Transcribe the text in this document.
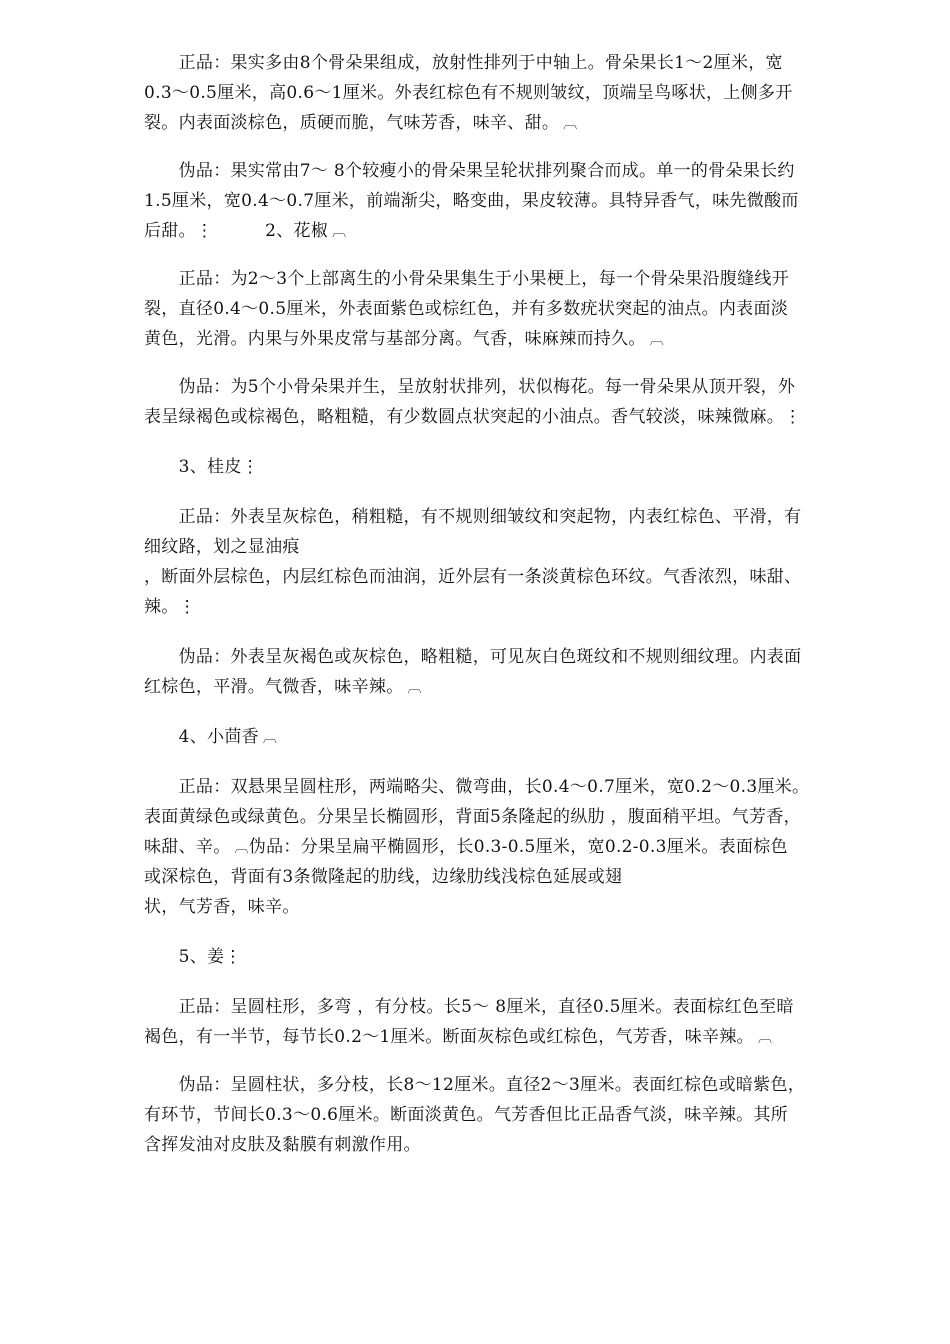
　　正品：果实多由8个骨朵果组成，放射性排列于中轴上。骨朵果长1～2厘米，宽
0.3～0.5厘米，高0.6～1厘米。外表红棕色有不规则皱纹，顶端呈鸟啄状，上侧多开
裂。内表面淡棕色，质硬而脆，气味芳香，味辛、甜。 ︹
　　伪品：果实常由7～ 8个较瘦小的骨朵果呈轮状排列聚合而成。单一的骨朵果长约
1.5厘米，宽0.4～0.7厘米，前端渐尖，略变曲，果皮较薄。具特异香气，味先微酸而
后甜。⋮　　　2、花椒 ︹
　　正品：为2～3个上部离生的小骨朵果集生于小果梗上，每一个骨朵果沿腹缝线开
裂，直径0.4～0.5厘米，外表面紫色或棕红色，并有多数疣状突起的油点。内表面淡
黄色，光滑。内果与外果皮常与基部分离。气香，味麻辣而持久。 ︹
　　伪品：为5个小骨朵果并生，呈放射状排列，状似梅花。每一骨朵果从顶开裂，外
表呈绿褐色或棕褐色，略粗糙，有少数圆点状突起的小油点。香气较淡，味辣微麻。⋮
　　3、桂皮⋮
　　正品：外表呈灰棕色，稍粗糙，有不规则细皱纹和突起物，内表红棕色、平滑，有
细纹路，划之显油痕
，断面外层棕色，内层红棕色而油润，近外层有一条淡黄棕色环纹。气香浓烈，味甜、
辣。⋮
　　伪品：外表呈灰褐色或灰棕色，略粗糙，可见灰白色斑纹和不规则细纹理。内表面
红棕色，平滑。气微香，味辛辣。 ︹
　　4、小茴香 ︹
　　正品：双悬果呈圆柱形，两端略尖、微弯曲，长0.4～0.7厘米，宽0.2～0.3厘米。
表面黄绿色或绿黄色。分果呈长椭圆形，背面5条隆起的纵肋 ，腹面稍平坦。气芳香，
味甜、辛。 ︹伪品：分果呈扁平椭圆形，长0.3-0.5厘米，宽0.2-0.3厘米。表面棕色
或深棕色，背面有3条微隆起的肋线，边缘肋线浅棕色延展或翅
状，气芳香，味辛。
　　5、姜⋮
　　正品：呈圆柱形，多弯 ，有分枝。长5～ 8厘米，直径0.5厘米。表面棕红色至暗
褐色，有一半节，每节长0.2～1厘米。断面灰棕色或红棕色，气芳香，味辛辣。 ︹
　　伪品：呈圆柱状，多分枝，长8～12厘米。直径2～3厘米。表面红棕色或暗紫色，
有环节，节间长0.3～0.6厘米。断面淡黄色。气芳香但比正品香气淡，味辛辣。其所
含挥发油对皮肤及黏膜有刺激作用。
